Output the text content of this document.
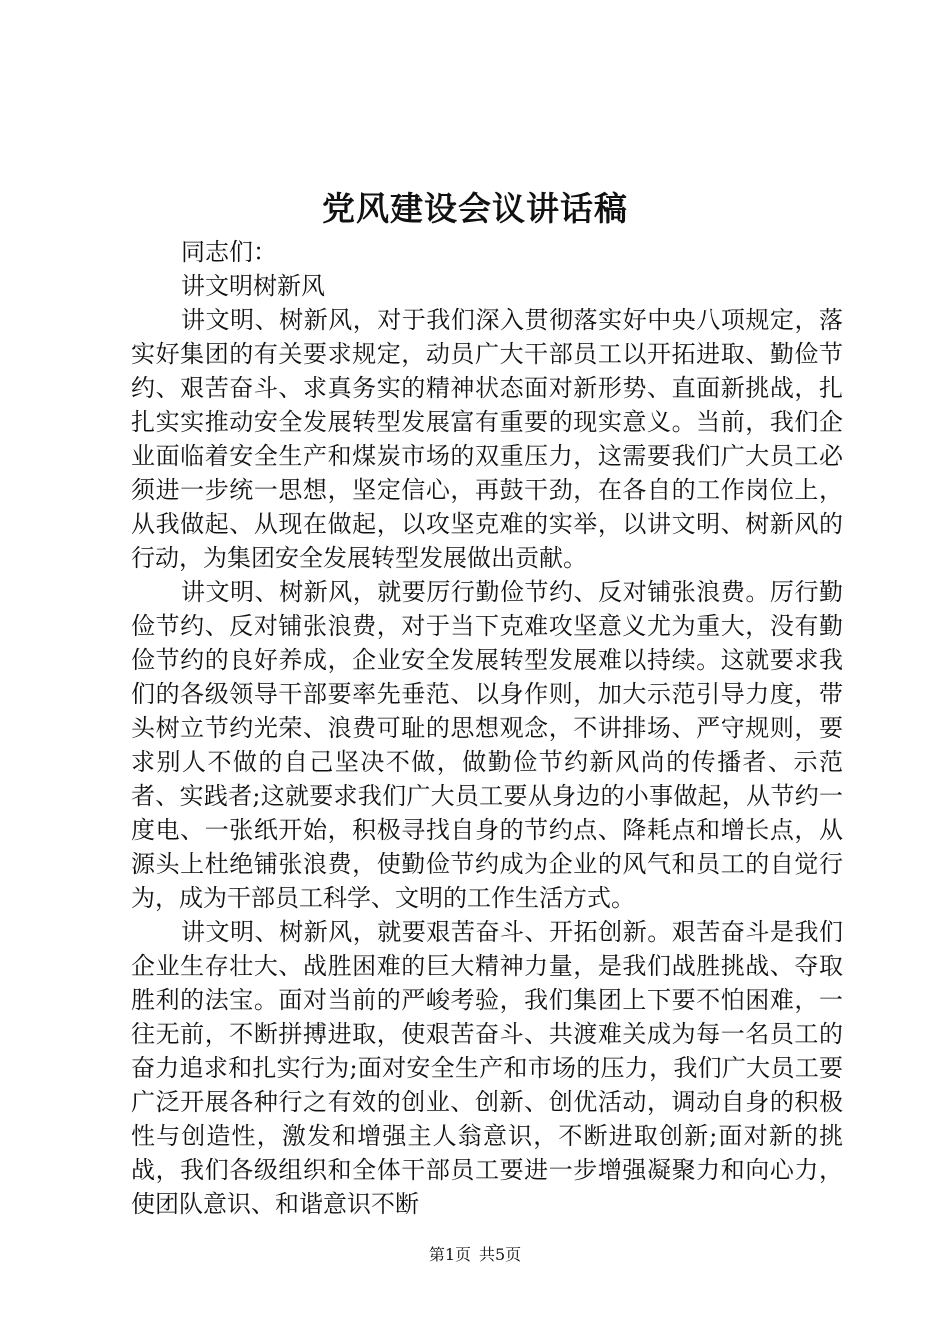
党风建设会议讲话稿

同志们：

讲文明树新风

讲文明、树新风，对于我们深入贯彻落实好中央八项规定，落实好集团的有关要求规定，动员广大干部员工以开拓进取、勤俭节约、艰苦奋斗、求真务实的精神状态面对新形势、直面新挑战，扎扎实实推动安全发展转型发展富有重要的现实意义。当前，我们企业面临着安全生产和煤炭市场的双重压力，这需要我们广大员工必须进一步统一思想，坚定信心，再鼓干劲，在各自的工作岗位上，从我做起、从现在做起，以攻坚克难的实举，以讲文明、树新风的行动，为集团安全发展转型发展做出贡献。

讲文明、树新风，就要厉行勤俭节约、反对铺张浪费。厉行勤俭节约、反对铺张浪费，对于当下克难攻坚意义尤为重大，没有勤俭节约的良好养成，企业安全发展转型发展难以持续。这就要求我们的各级领导干部要率先垂范、以身作则，加大示范引导力度，带头树立节约光荣、浪费可耻的思想观念，不讲排场、严守规则，要求别人不做的自己坚决不做，做勤俭节约新风尚的传播者、示范者、实践者;这就要求我们广大员工要从身边的小事做起，从节约一度电、一张纸开始，积极寻找自身的节约点、降耗点和增长点，从源头上杜绝铺张浪费，使勤俭节约成为企业的风气和员工的自觉行为，成为干部员工科学、文明的工作生活方式。

讲文明、树新风，就要艰苦奋斗、开拓创新。艰苦奋斗是我们企业生存壮大、战胜困难的巨大精神力量，是我们战胜挑战、夺取胜利的法宝。面对当前的严峻考验，我们集团上下要不怕困难，一往无前，不断拼搏进取，使艰苦奋斗、共渡难关成为每一名员工的奋力追求和扎实行为;面对安全生产和市场的压力，我们广大员工要广泛开展各种行之有效的创业、创新、创优活动，调动自身的积极性与创造性，激发和增强主人翁意识，不断进取创新;面对新的挑战，我们各级组织和全体干部员工要进一步增强凝聚力和向心力，使团队意识、和谐意识不断

第1页 共5页
